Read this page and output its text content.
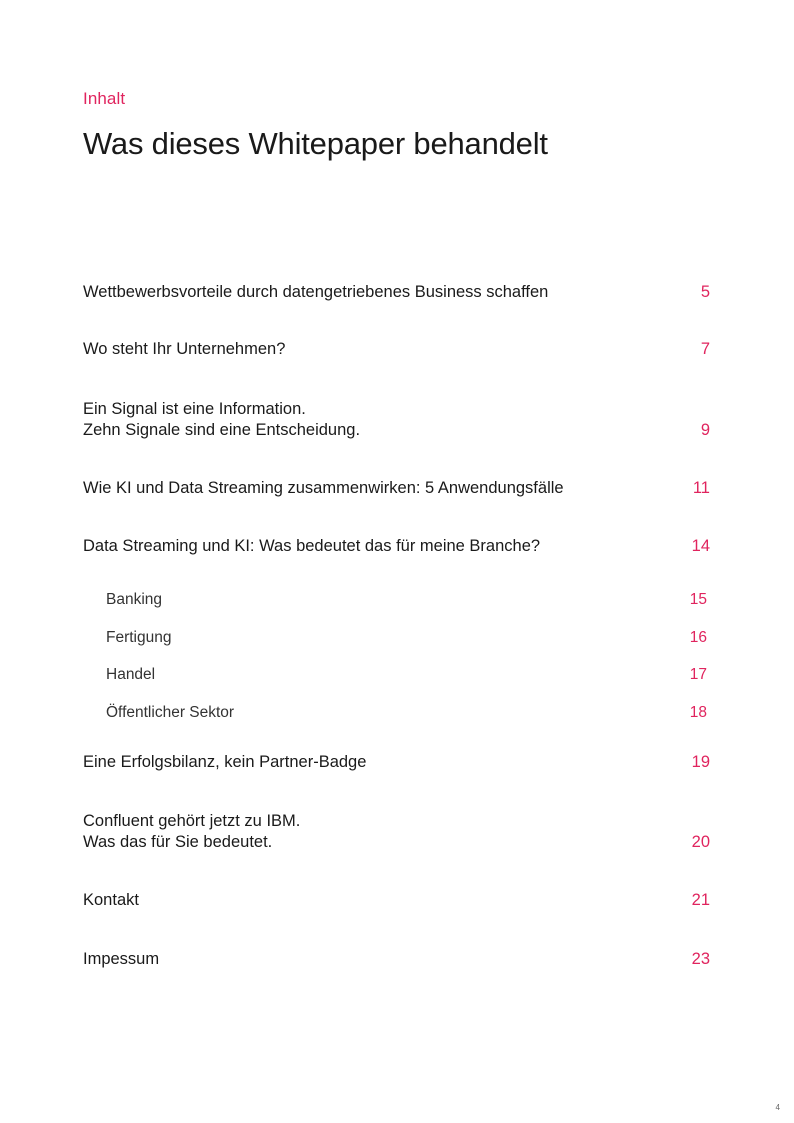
Inhalt
Was dieses Whitepaper behandelt
Wettbewerbsvorteile durch datengetriebenes Business schaffen	5
Wo steht Ihr Unternehmen?	7
Ein Signal ist eine Information.
Zehn Signale sind eine Entscheidung.	9
Wie KI und Data Streaming zusammenwirken: 5 Anwendungsfälle	11
Data Streaming und KI: Was bedeutet das für meine Branche?	14
Banking	15
Fertigung	16
Handel	17
Öffentlicher Sektor	18
Eine Erfolgsbilanz, kein Partner-Badge	19
Confluent gehört jetzt zu IBM.
Was das für Sie bedeutet.	20
Kontakt	21
Impessum	23
4
